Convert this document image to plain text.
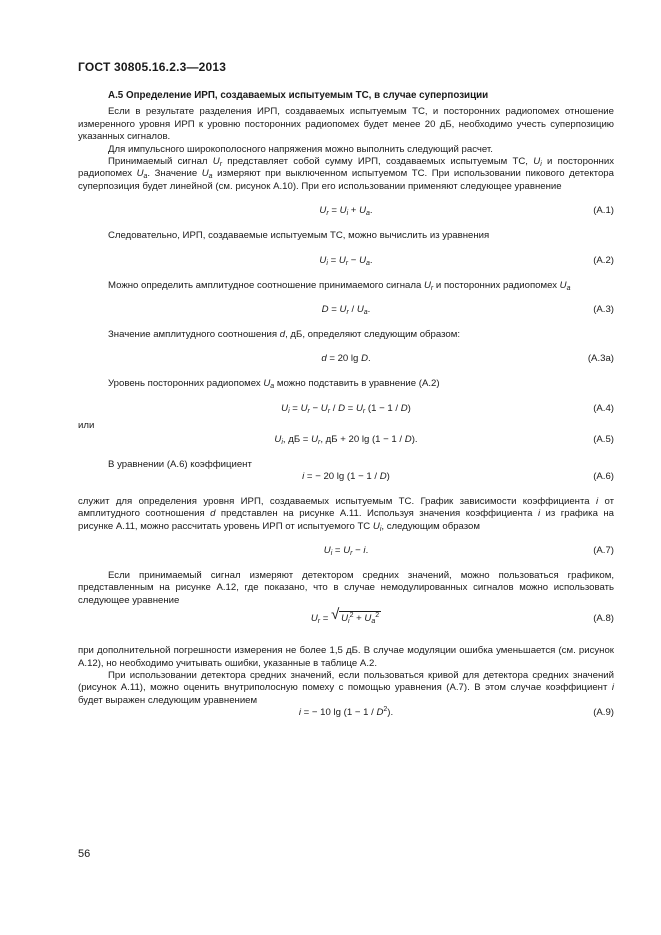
ГОСТ 30805.16.2.3—2013
А.5 Определение ИРП, создаваемых испытуемым ТС, в случае суперпозиции

Если в результате разделения ИРП, создаваемых испытуемым ТС, и посторонних радиопомех отношение измеренного уровня ИРП к уровню посторонних радиопомех будет менее 20 дБ, необходимо учесть суперпозицию указанных сигналов.

Для импульсного широкополосного напряжения можно выполнить следующий расчет.

Принимаемый сигнал $U_r$ представляет собой сумму ИРП, создаваемых испытуемым ТС, $U_i$ и посторонних радиопомех $U_a$. Значение $U_a$ измеряют при выключенном испытуемом ТС. При использовании пикового детектора суперпозиция будет линейной (см. рисунок А.10). При его использовании применяют следующее уравнение

$U_r = U_i + U_a$.	(А.1)

Следовательно, ИРП, создаваемые испытуемым ТС, можно вычислить из уравнения

$U_i = U_r - U_a$.	(А.2)

Можно определить амплитудное соотношение принимаемого сигнала $U_r$ и посторонних радиопомех $U_a$

$D = U_r / U_a$.	(А.3)

Значение амплитудного соотношения d, дБ, определяют следующим образом:

d = 20 lg D.	(А.3а)

Уровень посторонних радиопомех $U_a$ можно подставить в уравнение (А.2)

$U_i = U_r - U_r / D = U_r$ (1 − 1 / D)	(А.4)

или

$U_i$, дБ = $U_r$, дБ + 20 lg (1 − 1 / D).	(А.5)

В уравнении (А.6) коэффициент

i = − 20 lg (1 − 1 / D)	(А.6)

служит для определения уровня ИРП, создаваемых испытуемым ТС. График зависимости коэффициента i от амплитудного соотношения d представлен на рисунке А.11. Используя значения коэффициента i из графика на рисунке А.11, можно рассчитать уровень ИРП от испытуемого ТС $U_i$, следующим образом

$U_i = U_r - i$.	(А.7)

Если принимаемый сигнал измеряют детектором средних значений, можно пользоваться графиком, представленным на рисунке А.12, где показано, что в случае немодулированных сигналов можно использовать следующее уравнение

$U_r$ = √ $U_i^2 + U_a^2$	(А.8)

при дополнительной погрешности измерения не более 1,5 дБ. В случае модуляции ошибка уменьшается (см. рисунок А.12), но необходимо учитывать ошибки, указанные в таблице А.2.

При использовании детектора средних значений, если пользоваться кривой для детектора средних значений (рисунок А.11), можно оценить внутриполосную помеху с помощью уравнения (А.7). В этом случае коэффициент i будет выражен следующим уравнением

i = − 10 $\lg (1 - 1 / D^2)$.	(А.9)
56
